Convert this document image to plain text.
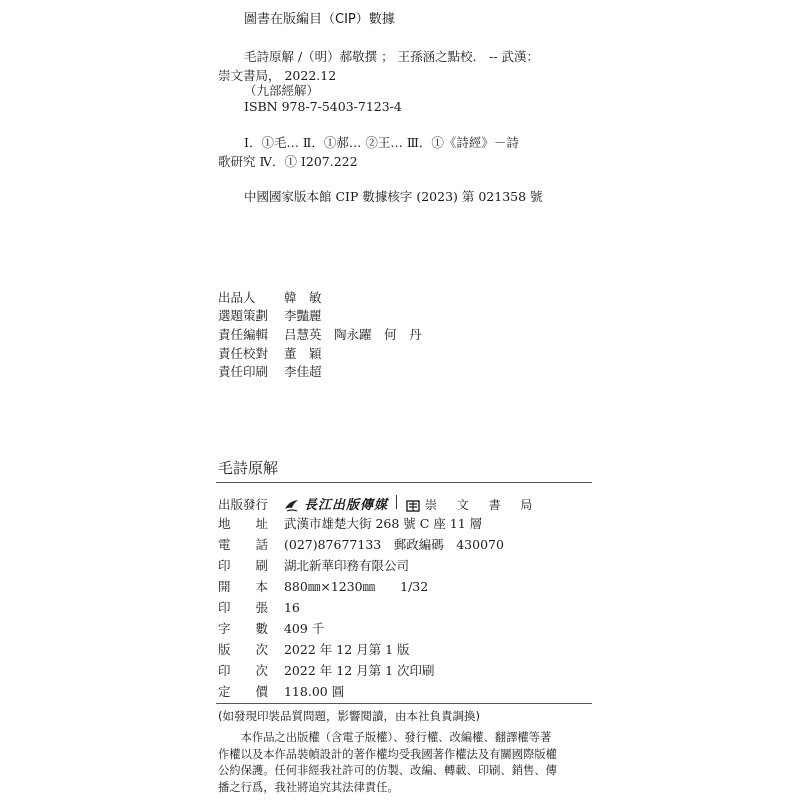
圖書在版編目（CIP）數據
毛詩原解 /（明）郝敬撰 ； 王孫涵之點校． -- 武漢：
崇文書局， 2022.12
（九部經解）
ISBN 978-7-5403-7123-4
Ⅰ．①毛… Ⅱ．①郝… ②王… Ⅲ．①《詩經》－詩
歌研究 Ⅳ．① I207.222
中國國家版本館 CIP 數據核字 (2023) 第 021358 號
出品人 韓　敏
選題策劃 李豔麗
責任編輯 吕慧英　陶永躍　何　丹
責任校對 董　穎
責任印刷 李佳超
毛詩原解
出版發行	長江出版傳媒	崇 文 書 局
地　　址 武漢市雄楚大街 268 號 C 座 11 層
電　　話 (027)87677133　郵政編碼　430070
印　　刷 湖北新華印務有限公司
開　　本 880㎜×1230㎜　　1/32
印　　張 16
字　　數 409 千
版　　次 2022 年 12 月第 1 版
印　　次 2022 年 12 月第 1 次印刷
定　　價 118.00 圓
(如發現印裝品質問題，影響閱讀，由本社負責調換)

本作品之出版權（含電子版權）、發行權、改編權、翻譯權等著作權以及本作品裝幀設計的著作權均受我國著作權法及有關國際版權公約保護。任何非經我社許可的仿製、改編、轉載、印刷、銷售、傳播之行爲，我社將追究其法律責任。
